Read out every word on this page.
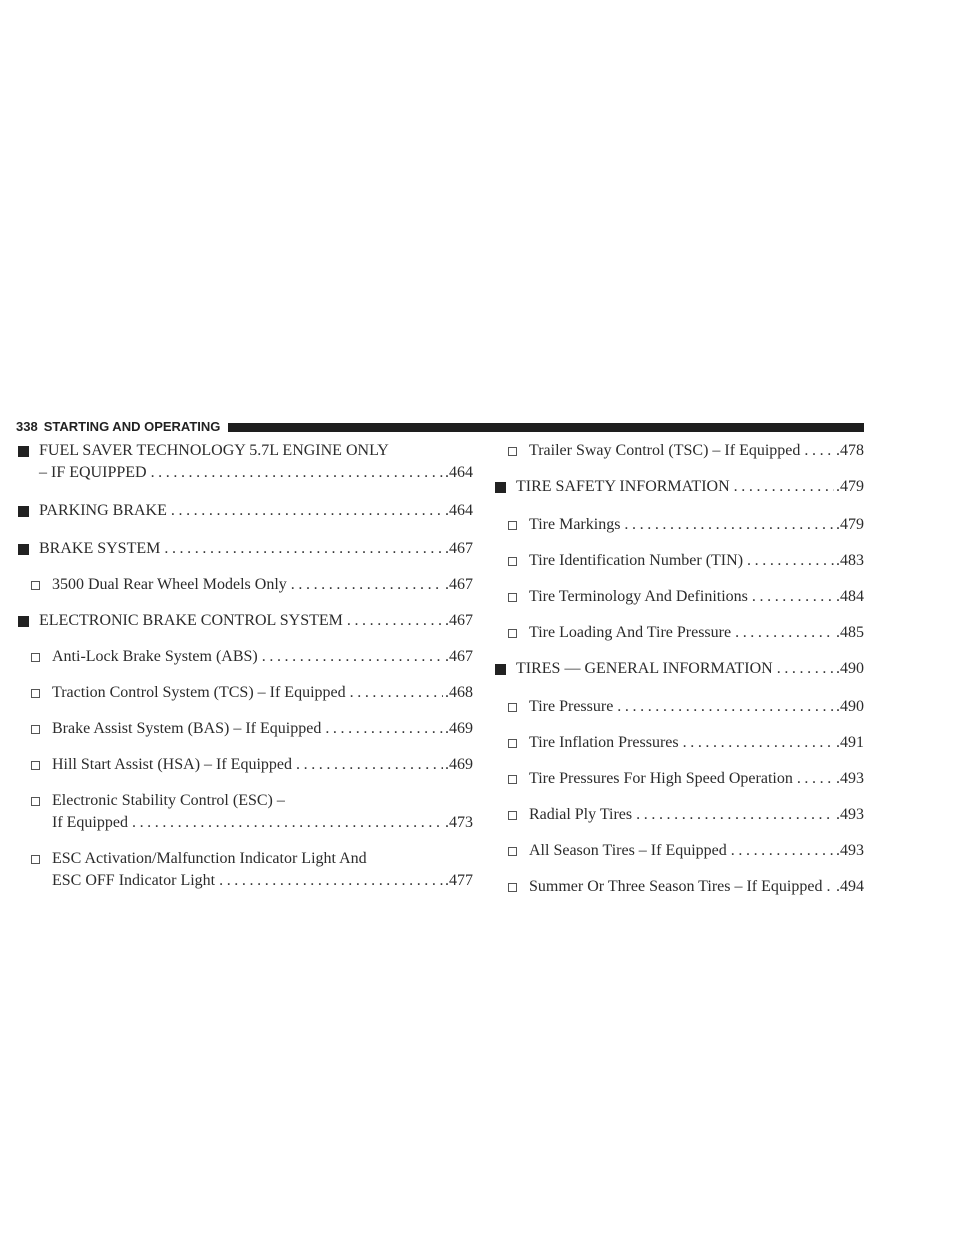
338 STARTING AND OPERATING
FUEL SAVER TECHNOLOGY 5.7L ENGINE ONLY
– IF EQUIPPED .....	.464
PARKING BRAKE .....	.464
BRAKE SYSTEM .....	.467
3500 Dual Rear Wheel Models Only .....	.467
ELECTRONIC BRAKE CONTROL SYSTEM .....	.467
Anti-Lock Brake System (ABS) .....	.467
Traction Control System (TCS) – If Equipped .....	.468
Brake Assist System (BAS) – If Equipped .....	.469
Hill Start Assist (HSA) – If Equipped .....	.469
Electronic Stability Control (ESC) –
If Equipped .....	.473
ESC Activation/Malfunction Indicator Light And
ESC OFF Indicator Light .....	.477
Trailer Sway Control (TSC) – If Equipped ..... .478
TIRE SAFETY INFORMATION .....	.479
Tire Markings .....	.479
Tire Identification Number (TIN) .....	.483
Tire Terminology And Definitions .....	.484
Tire Loading And Tire Pressure .....	.485
TIRES — GENERAL INFORMATION .....	.490
Tire Pressure .....	.490
Tire Inflation Pressures .....	.491
Tire Pressures For High Speed Operation .....	.493
Radial Ply Tires .....	.493
All Season Tires – If Equipped .....	.493
Summer Or Three Season Tires – If Equipped ..... .494
